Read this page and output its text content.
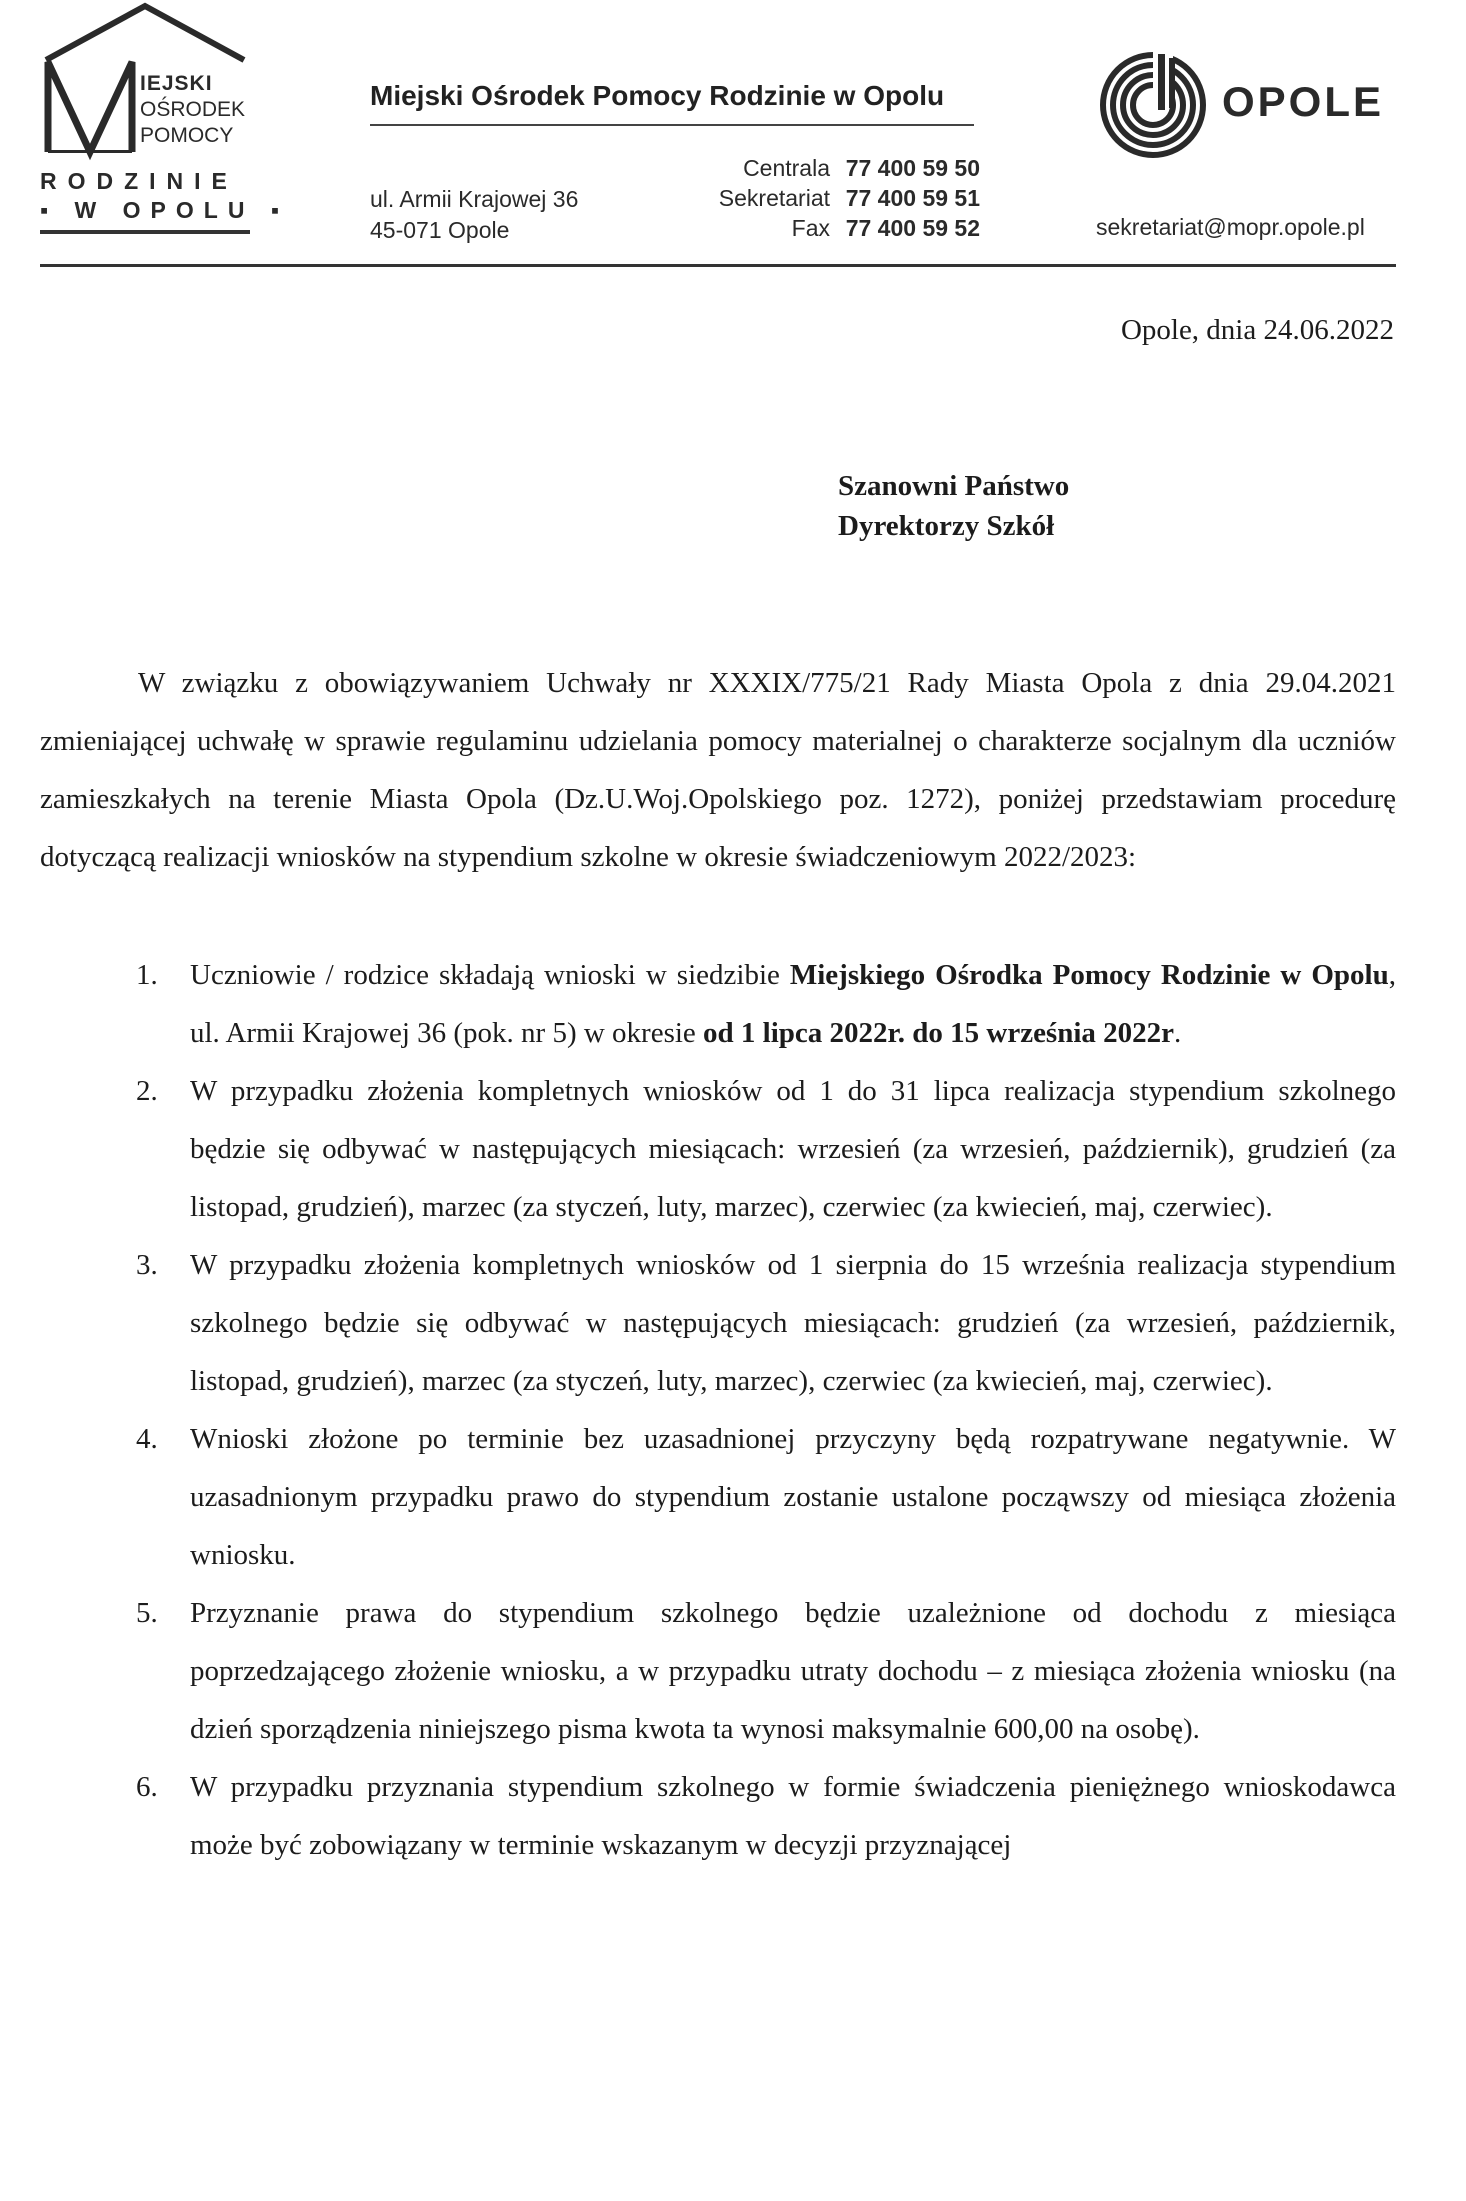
IEJSKI
OŚRODEK
POMOCY
RODZINIE
▪ W OPOLU ▪
Miejski Ośrodek Pomocy Rodzinie w Opolu
ul. Armii Krajowej 36
45-071 Opole
Centrala 77 400 59 50
Sekretariat 77 400 59 51
Fax 77 400 59 52
OPOLE
sekretariat@mopr.opole.pl
Opole, dnia 24.06.2022
Szanowni Państwo
Dyrektorzy Szkół

W związku z obowiązywaniem Uchwały nr XXXIX/775/21 Rady Miasta Opola z dnia 29.04.2021 zmieniającej uchwałę w sprawie regulaminu udzielania pomocy materialnej o charakterze socjalnym dla uczniów zamieszkałych na terenie Miasta Opola (Dz.U.Woj.Opolskiego poz. 1272), poniżej przedstawiam procedurę dotyczącą realizacji wniosków na stypendium szkolne w okresie świadczeniowym 2022/2023:

1. Uczniowie / rodzice składają wnioski w siedzibie Miejskiego Ośrodka Pomocy Rodzinie w Opolu, ul. Armii Krajowej 36 (pok. nr 5) w okresie od 1 lipca 2022r. do 15 września 2022r.
2. W przypadku złożenia kompletnych wniosków od 1 do 31 lipca realizacja stypendium szkolnego będzie się odbywać w następujących miesiącach: wrzesień (za wrzesień, październik), grudzień (za listopad, grudzień), marzec (za styczeń, luty, marzec), czerwiec (za kwiecień, maj, czerwiec).
3. W przypadku złożenia kompletnych wniosków od 1 sierpnia do 15 września realizacja stypendium szkolnego będzie się odbywać w następujących miesiącach: grudzień (za wrzesień, październik, listopad, grudzień), marzec (za styczeń, luty, marzec), czerwiec (za kwiecień, maj, czerwiec).
4. Wnioski złożone po terminie bez uzasadnionej przyczyny będą rozpatrywane negatywnie. W uzasadnionym przypadku prawo do stypendium zostanie ustalone począwszy od miesiąca złożenia wniosku.
5. Przyznanie prawa do stypendium szkolnego będzie uzależnione od dochodu z miesiąca poprzedzającego złożenie wniosku, a w przypadku utraty dochodu – z miesiąca złożenia wniosku (na dzień sporządzenia niniejszego pisma kwota ta wynosi maksymalnie 600,00 na osobę).
6. W przypadku przyznania stypendium szkolnego w formie świadczenia pieniężnego wnioskodawca może być zobowiązany w terminie wskazanym w decyzji przyznającej
